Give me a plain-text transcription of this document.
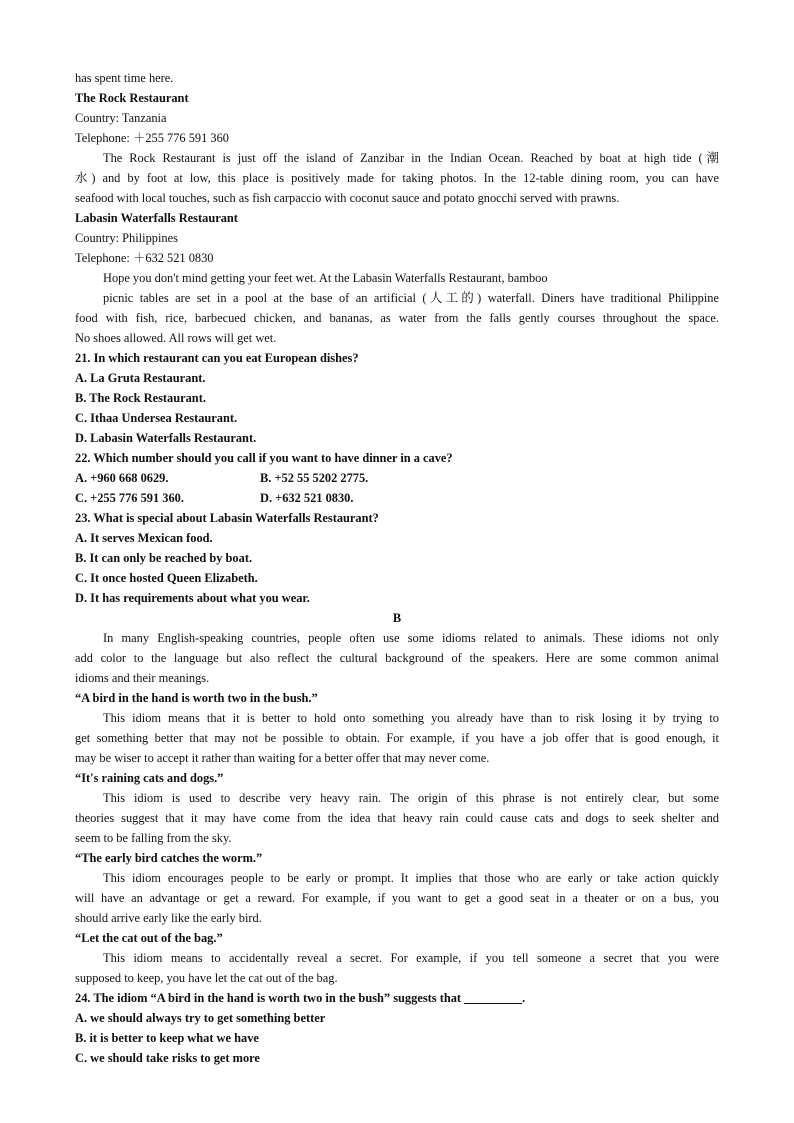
has spent time here.
The Rock Restaurant
Country: Tanzania
Telephone: ＋255 776 591 360
The Rock Restaurant is just off the island of Zanzibar in the Indian Ocean. Reached by boat at high tide (潮
水) and by foot at low, this place is positively made for taking photos. In the 12-table dining room, you can have
seafood with local touches, such as fish carpaccio with coconut sauce and potato gnocchi served with prawns.
Labasin Waterfalls Restaurant
Country: Philippines
Telephone: ＋632 521 0830
Hope you don't mind getting your feet wet. At the Labasin Waterfalls Restaurant, bamboo
picnic tables are set in a pool at the base of an artificial (人工的) waterfall. Diners have traditional Philippine
food with fish, rice, barbecued chicken, and bananas, as water from the falls gently courses throughout the space.
No shoes allowed. All rows will get wet.
21. In which restaurant can you eat European dishes?
A. La Gruta Restaurant.
B. The Rock Restaurant.
C. Ithaa Undersea Restaurant.
D. Labasin Waterfalls Restaurant.
22. Which number should you call if you want to have dinner in a cave?
A. +960 668 0629.	B. +52 55 5202 2775.
C. +255 776 591 360.	D. +632 521 0830.
23. What is special about Labasin Waterfalls Restaurant?
A. It serves Mexican food.
B. It can only be reached by boat.
C. It once hosted Queen Elizabeth.
D. It has requirements about what you wear.
B
In many English-speaking countries, people often use some idioms related to animals. These idioms not only
add color to the language but also reflect the cultural background of the speakers. Here are some common animal
idioms and their meanings.
“A bird in the hand is worth two in the bush.”
This idiom means that it is better to hold onto something you already have than to risk losing it by trying to
get something better that may not be possible to obtain. For example, if you have a job offer that is good enough, it
may be wiser to accept it rather than waiting for a better offer that may never come.
“It's raining cats and dogs.”
This idiom is used to describe very heavy rain. The origin of this phrase is not entirely clear, but some
theories suggest that it may have come from the idea that heavy rain could cause cats and dogs to seek shelter and
seem to be falling from the sky.
“The early bird catches the worm.”
This idiom encourages people to be early or prompt. It implies that those who are early or take action quickly
will have an advantage or get a reward. For example, if you want to get a good seat in a theater or on a bus, you
should arrive early like the early bird.
“Let the cat out of the bag.”
This idiom means to accidentally reveal a secret. For example, if you tell someone a secret that you were
supposed to keep, you have let the cat out of the bag.
24. The idiom “A bird in the hand is worth two in the bush” suggests that	.
A. we should always try to get something better
B. it is better to keep what we have
C. we should take risks to get more
